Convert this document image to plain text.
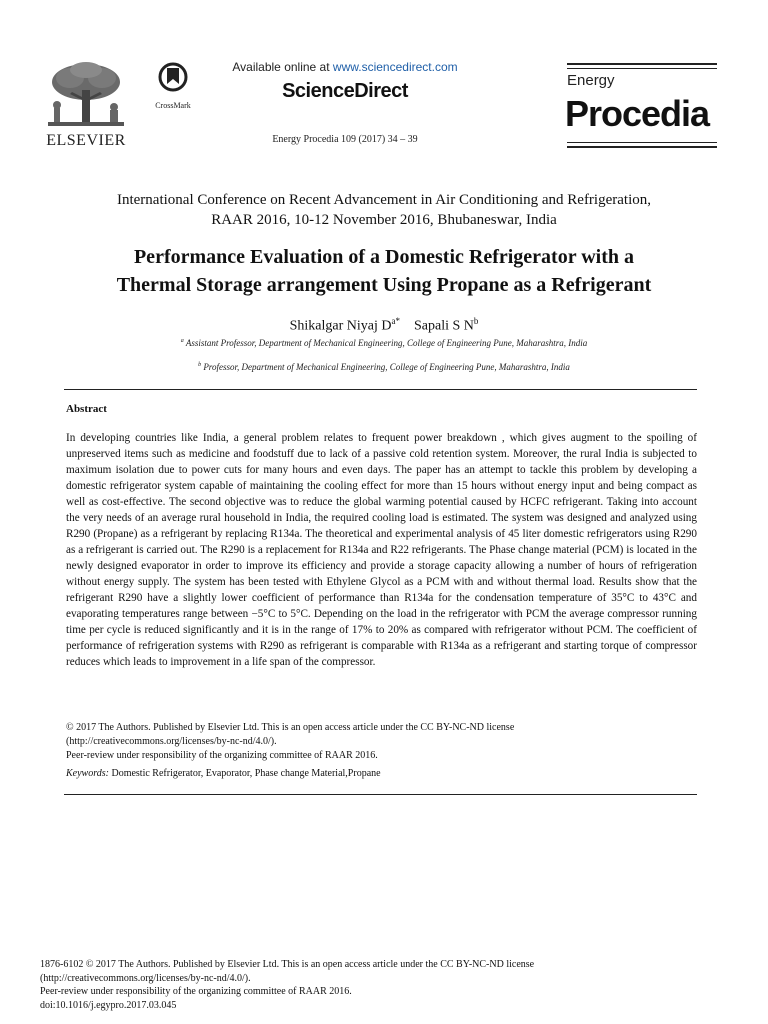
ELSEVIER
CrossMark
Available online at www.sciencedirect.com
ScienceDirect
Energy Procedia 109 (2017) 34 – 39
Energy
Procedia
International Conference on Recent Advancement in Air Conditioning and Refrigeration,
RAAR 2016, 10-12 November 2016, Bhubaneswar, India
Performance Evaluation of a Domestic Refrigerator with a
Thermal Storage arrangement Using Propane as a Refrigerant
Shikalgar Niyaj $D^{a*}$ Sapali S $N^b$
$^a$ Assistant Professor, Department of Mechanical Engineering, College of Engineering Pune, Maharashtra, India
$^b$ Professor, Department of Mechanical Engineering, College of Engineering Pune, Maharashtra, India
Abstract
In developing countries like India, a general problem relates to frequent power breakdown , which gives augment to the spoiling of unpreserved items such as medicine and foodstuff due to lack of a passive cold retention system. Moreover, the rural India is subjected to maximum isolation due to power cuts for many hours and even days. The paper has an attempt to tackle this problem by developing a domestic refrigerator system capable of maintaining the cooling effect for more than 15 hours without energy input and being compact as well as cost-effective. The second objective was to reduce the global warming potential caused by HCFC refrigerant. Taking into account the very needs of an average rural household in India, the required cooling load is estimated. The system was designed and analyzed using R290 (Propane) as a refrigerant by replacing R134a. The theoretical and experimental analysis of 45 liter domestic refrigerators using R290 as a refrigerant is carried out. The R290 is a replacement for R134a and R22 refrigerants. The Phase change material (PCM) is located in the newly designed evaporator in order to improve its efficiency and provide a storage capacity allowing a number of hours of refrigeration without energy supply. The system has been tested with Ethylene Glycol as a PCM with and without thermal load. Results show that the refrigerant R290 have a slightly lower coefficient of performance than R134a for the condensation temperature of 35°C to 43°C and evaporating temperatures range between −5°C to 5°C. Depending on the load in the refrigerator with PCM the average compressor running time per cycle is reduced significantly and it is in the range of 17% to 20% as compared with refrigerator without PCM. The coefficient of performance of refrigeration systems with R290 as refrigerant is comparable with R134a as a refrigerant and starting torque of compressor reduces which leads to improvement in a life span of the compressor.
© 2017 The Authors. Published by Elsevier Ltd. This is an open access article under the CC BY-NC-ND license
(http://creativecommons.org/licenses/by-nc-nd/4.0/).
Peer-review under responsibility of the organizing committee of RAAR 2016.
Keywords: Domestic Refrigerator, Evaporator, Phase change Material,Propane
1876-6102 © 2017 The Authors. Published by Elsevier Ltd. This is an open access article under the CC BY-NC-ND license
(http://creativecommons.org/licenses/by-nc-nd/4.0/).
Peer-review under responsibility of the organizing committee of RAAR 2016.
doi:10.1016/j.egypro.2017.03.045
